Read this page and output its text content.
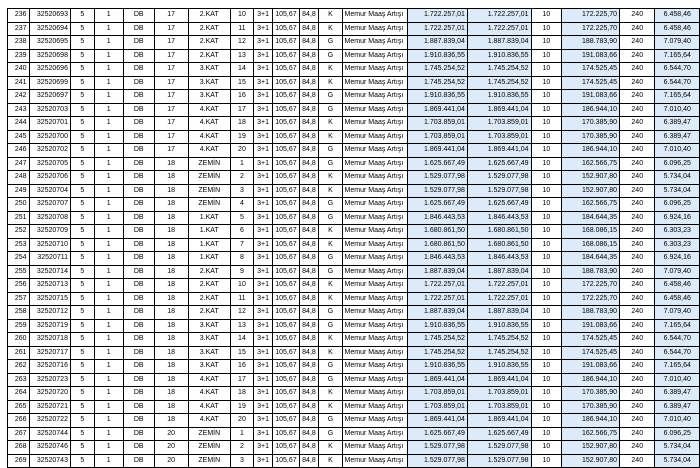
236	32520693	5	1	DB	17	2.KAT	10	3+1	105,67	84,8	K	Memur Maaş Artışı	1.722.257,01	1.722.257,01	10	172.225,70	240	6.458,46
237	32520694	5	1	DB	17	2.KAT	11	3+1	105,67	84,8	K	Memur Maaş Artışı	1.722.257,01	1.722.257,01	10	172.225,70	240	6.458,46
238	32520695	5	1	DB	17	2.KAT	12	3+1	105,67	84,8	G	Memur Maaş Artışı	1.887.839,04	1.887.839,04	10	188.783,90	240	7.079,40
239	32520698	5	1	DB	17	2.KAT	13	3+1	105,67	84,8	G	Memur Maaş Artışı	1.910.836,55	1.910.836,55	10	191.083,66	240	7.165,64
240	32520696	5	1	DB	17	3.KAT	14	3+1	105,67	84,8	K	Memur Maaş Artışı	1.745.254,52	1.745.254,52	10	174.525,45	240	6.544,70
241	32520699	5	1	DB	17	3.KAT	15	3+1	105,67	84,8	K	Memur Maaş Artışı	1.745.254,52	1.745.254,52	10	174.525,45	240	6.544,70
242	32520697	5	1	DB	17	3.KAT	16	3+1	105,67	84,8	G	Memur Maaş Artışı	1.910.836,55	1.910.836,55	10	191.083,66	240	7.165,64
243	32520703	5	1	DB	17	4.KAT	17	3+1	105,67	84,8	G	Memur Maaş Artışı	1.869.441,04	1.869.441,04	10	186.944,10	240	7.010,40
244	32520701	5	1	DB	17	4.KAT	18	3+1	105,67	84,8	K	Memur Maaş Artışı	1.703.859,01	1.703.859,01	10	170.385,90	240	6.389,47
245	32520700	5	1	DB	17	4.KAT	19	3+1	105,67	84,8	K	Memur Maaş Artışı	1.703.859,01	1.703.859,01	10	170.385,90	240	6.389,47
246	32520702	5	1	DB	17	4.KAT	20	3+1	105,67	84,8	G	Memur Maaş Artışı	1.869.441,04	1.869.441,04	10	186.944,10	240	7.010,40
247	32520705	5	1	DB	18	ZEMİN	1	3+1	105,67	84,8	G	Memur Maaş Artışı	1.625.667,49	1.625.667,49	10	162.566,75	240	6.096,25
248	32520706	5	1	DB	18	ZEMİN	2	3+1	105,67	84,8	K	Memur Maaş Artışı	1.529.077,98	1.529.077,98	10	152.907,80	240	5.734,04
249	32520704	5	1	DB	18	ZEMİN	3	3+1	105,67	84,8	K	Memur Maaş Artışı	1.529.077,98	1.529.077,98	10	152.907,80	240	5.734,04
250	32520707	5	1	DB	18	ZEMİN	4	3+1	105,67	84,8	G	Memur Maaş Artışı	1.625.667,49	1.625.667,49	10	162.566,75	240	6.096,25
251	32520708	5	1	DB	18	1.KAT	5	3+1	105,67	84,8	G	Memur Maaş Artışı	1.846.443,53	1.846.443,53	10	184.644,35	240	6.924,16
252	32520709	5	1	DB	18	1.KAT	6	3+1	105,67	84,8	K	Memur Maaş Artışı	1.680.861,50	1.680.861,50	10	168.086,15	240	6.303,23
253	32520710	5	1	DB	18	1.KAT	7	3+1	105,67	84,8	K	Memur Maaş Artışı	1.680.861,50	1.680.861,50	10	168.086,15	240	6.303,23
254	32520711	5	1	DB	18	1.KAT	8	3+1	105,67	84,8	G	Memur Maaş Artışı	1.846.443,53	1.846.443,53	10	184.644,35	240	6.924,16
255	32520714	5	1	DB	18	2.KAT	9	3+1	105,67	84,8	G	Memur Maaş Artışı	1.887.839,04	1.887.839,04	10	188.783,90	240	7.079,40
256	32520713	5	1	DB	18	2.KAT	10	3+1	105,67	84,8	K	Memur Maaş Artışı	1.722.257,01	1.722.257,01	10	172.225,70	240	6.458,46
257	32520715	5	1	DB	18	2.KAT	11	3+1	105,67	84,8	K	Memur Maaş Artışı	1.722.257,01	1.722.257,01	10	172.225,70	240	6.458,46
258	32520712	5	1	DB	18	2.KAT	12	3+1	105,67	84,8	G	Memur Maaş Artışı	1.887.839,04	1.887.839,04	10	188.783,90	240	7.079,40
259	32520719	5	1	DB	18	3.KAT	13	3+1	105,67	84,8	G	Memur Maaş Artışı	1.910.836,55	1.910.836,55	10	191.083,66	240	7.165,64
260	32520718	5	1	DB	18	3.KAT	14	3+1	105,67	84,8	K	Memur Maaş Artışı	1.745.254,52	1.745.254,52	10	174.525,45	240	6.544,70
261	32520717	5	1	DB	18	3.KAT	15	3+1	105,67	84,8	K	Memur Maaş Artışı	1.745.254,52	1.745.254,52	10	174.525,45	240	6.544,70
262	32520716	5	1	DB	18	3.KAT	16	3+1	105,67	84,8	G	Memur Maaş Artışı	1.910.836,55	1.910.836,55	10	191.083,66	240	7.165,64
263	32520723	5	1	DB	18	4.KAT	17	3+1	105,67	84,8	G	Memur Maaş Artışı	1.869.441,04	1.869.441,04	10	186.944,10	240	7.010,40
264	32520720	5	1	DB	18	4.KAT	18	3+1	105,67	84,8	K	Memur Maaş Artışı	1.703.859,01	1.703.859,01	10	170.385,90	240	6.389,47
265	32520721	5	1	DB	18	4.KAT	19	3+1	105,67	84,8	K	Memur Maaş Artışı	1.703.859,01	1.703.859,01	10	170.385,90	240	6.389,47
266	32520722	5	1	DB	18	4.KAT	20	3+1	105,67	84,8	G	Memur Maaş Artışı	1.869.441,04	1.869.441,04	10	186.944,10	240	7.010,40
267	32520744	5	1	DB	20	ZEMİN	1	3+1	105,67	84,8	G	Memur Maaş Artışı	1.625.667,49	1.625.667,49	10	162.566,75	240	6.096,25
268	32520746	5	1	DB	20	ZEMİN	2	3+1	105,67	84,8	K	Memur Maaş Artışı	1.529.077,98	1.529.077,98	10	152.907,80	240	5.734,04
269	32520743	5	1	DB	20	ZEMİN	3	3+1	105,67	84,8	K	Memur Maaş Artışı	1.529.077,98	1.529.077,98	10	152.907,80	240	5.734,04
